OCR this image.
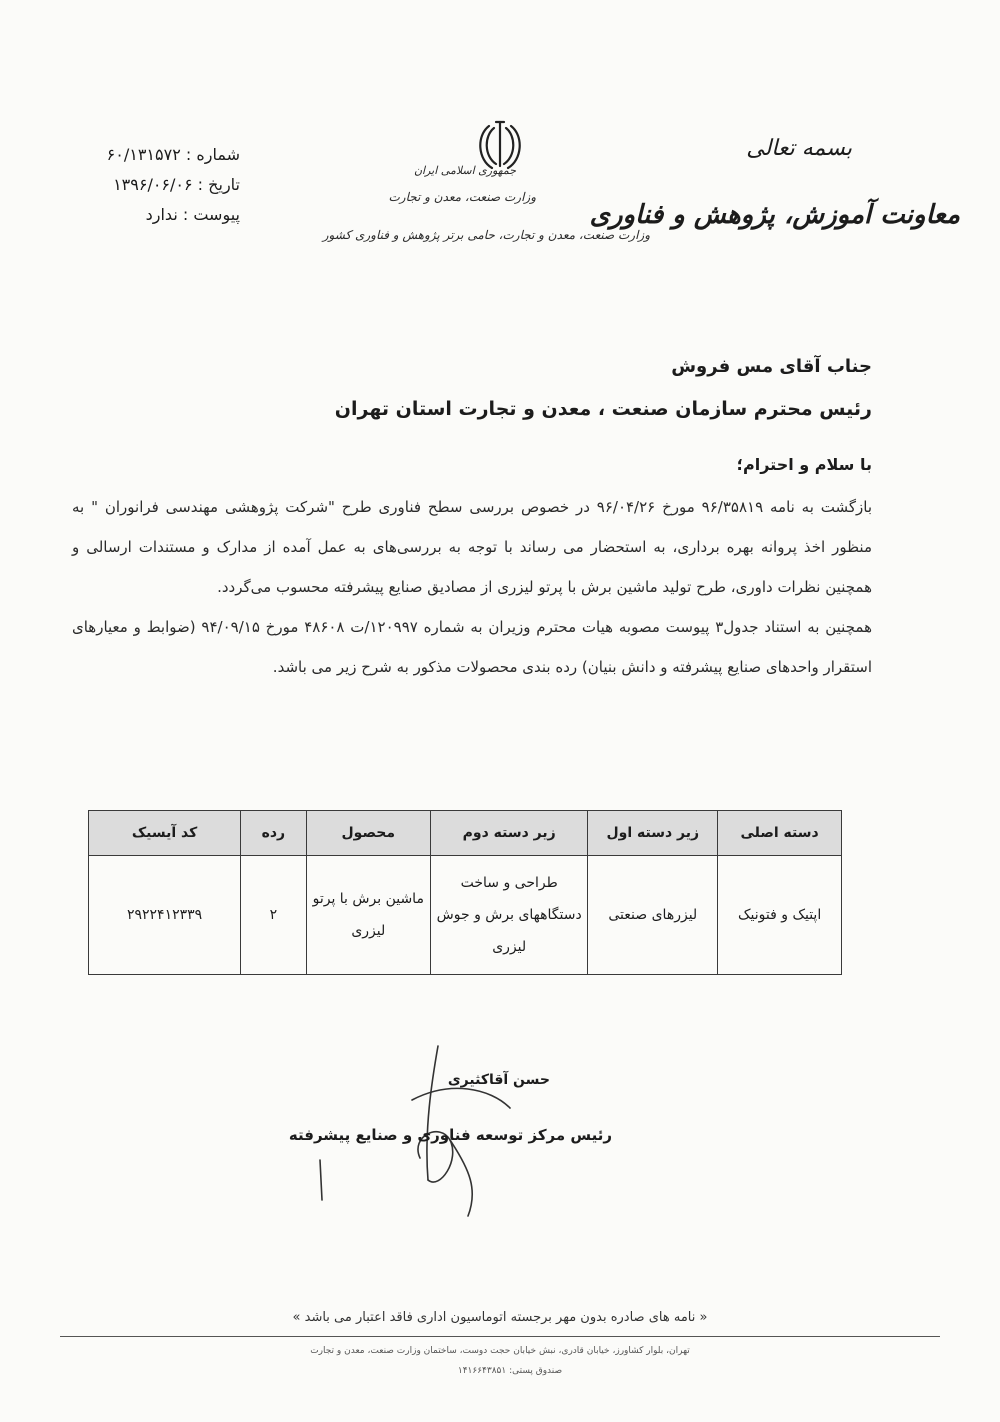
بسمه تعالی
معاونت آموزش، پژوهش و فناوری
جمهوری اسلامی ایران
وزارت صنعت، معدن و تجارت
وزارت صنعت، معدن و تجارت، حامی برتر پژوهش و فناوری کشور
شماره : ۶۰/۱۳۱۵۷۲
تاریخ : ۱۳۹۶/۰۶/۰۶
پیوست : ندارد
جناب آقای مس فروش
رئیس محترم سازمان صنعت ، معدن و تجارت استان تهران
با سلام و احترام؛

بازگشت به نامه ۹۶/۳۵۸۱۹ مورخ ۹۶/۰۴/۲۶ در خصوص بررسی سطح فناوری طرح "شرکت پژوهشی مهندسی فرانوران " به منظور اخذ پروانه بهره برداری، به استحضار می رساند با توجه به بررسی‌های به عمل آمده از مدارک و مستندات ارسالی و همچنین نظرات داوری، طرح تولید ماشین برش با پرتو لیزری از مصادیق صنایع پیشرفته محسوب می‌گردد.

همچنین به استناد جدول۳ پیوست مصوبه هیات محترم وزیران به شماره ۱۲۰۹۹۷/ت ۴۸۶۰۸ مورخ ۹۴/۰۹/۱۵ (ضوابط و معیارهای استقرار واحدهای صنایع پیشرفته و دانش بنیان) رده بندی محصولات مذکور به شرح زیر می باشد.

دسته اصلی	زیر دسته اول	زیر دسته دوم	محصول	رده	کد آیسیک
اپتیک و فتونیک	لیزرهای صنعتی	طراحی و ساخت دستگاههای برش و جوش لیزری	ماشین برش با پرتو لیزری	۲	۲۹۲۲۴۱۲۳۳۹
حسن آقاکثیری
رئیس مرکز توسعه فناوری و صنایع پیشرفته
« نامه های صادره بدون مهر برجسته اتوماسیون اداری فاقد اعتبار می باشد »
تهران، بلوار کشاورز، خیابان قادری، نبش خیابان حجت دوست، ساختمان وزارت صنعت، معدن و تجارت
صندوق پستی: ۱۴۱۶۶۴۳۸۵۱
